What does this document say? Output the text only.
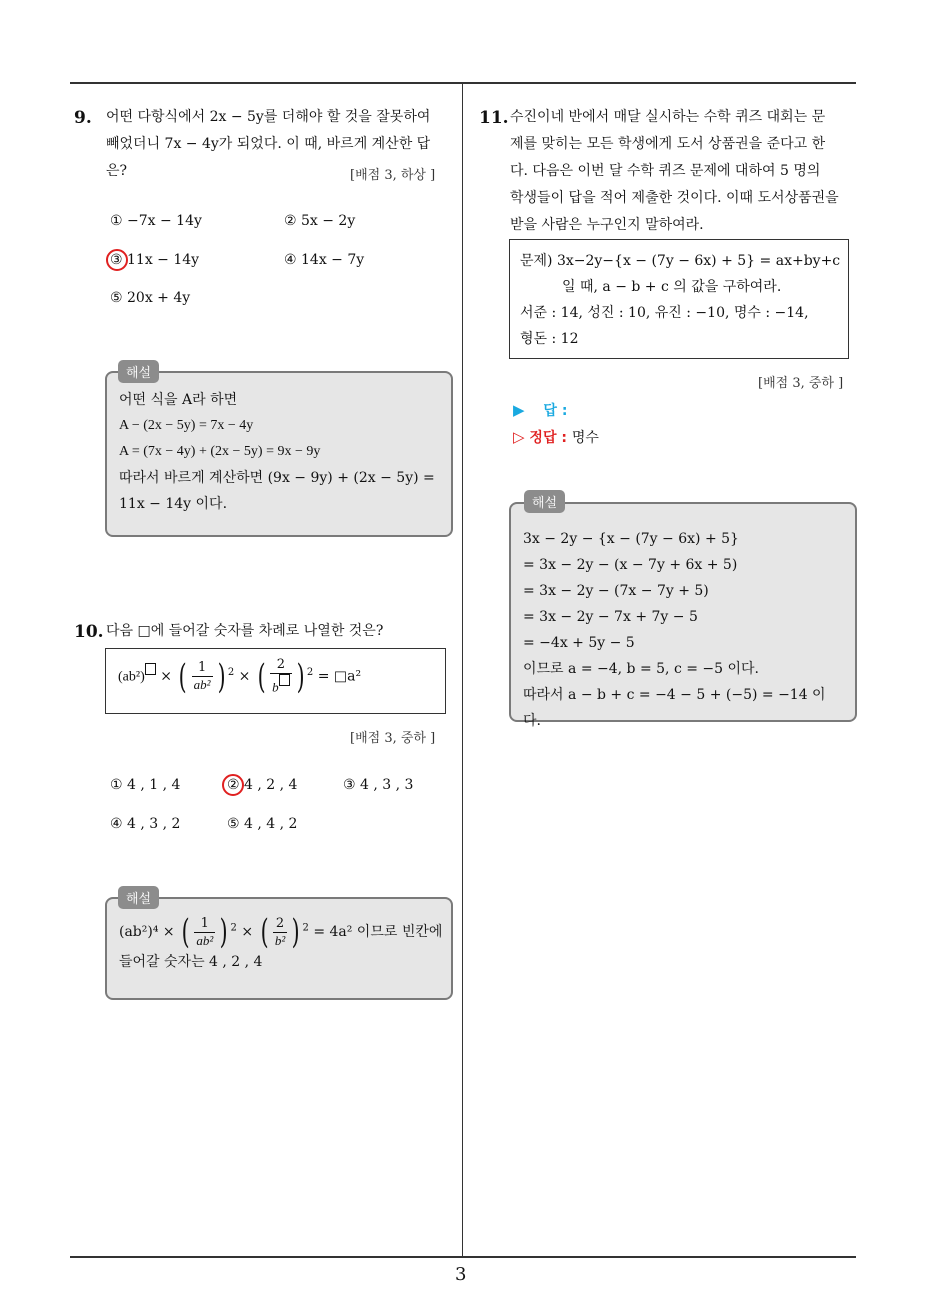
3
9. 어떤 다항식에서 2x − 5y를 더해야 할 것을 잘못하여
빼었더니 7x − 4y가 되었다. 이 때, 바르게 계산한 답
은?	[배점 3, 하상 ]
① −7x − 14y	② 5x − 2y
③ 11x − 14y	④ 14x − 7y
⑤ 20x + 4y
어떤 식을 A라 하면
A − (2x − 5y) = 7x − 4y
A = (7x − 4y) + (2x − 5y) = 9x − 9y
따라서 바르게 계산하면 (9x − 9y) + (2x − 5y) =
11x − 14y 이다.
해설
10. 다음 □에 들어갈 숫자를 차례로 나열한 것은?
(ab²) × ( $\frac{1}{\text{ab²}}$ ) $^2$ × ( $\frac{2}{b}$ ) $^2$ = □a²
[배점 3, 중하 ]
① 4 , 1 , 4	② 4 , 2 , 4	③ 4 , 3 , 3
④ 4 , 3 , 2	⑤ 4 , 4 , 2
(ab²)⁴ × ( $\frac{1}{\text{ab²}}$ ) $^2$ × ( $\frac{2}{\text{b²}}$ ) $^2$ = 4a² 이므로 빈칸에
들어갈 숫자는 4 , 2 , 4
해설
11. 수진이네 반에서 매달 실시하는 수학 퀴즈 대회는 문
제를 맞히는 모든 학생에게 도서 상품권을 준다고 한
다. 다음은 이번 달 수학 퀴즈 문제에 대하여 5 명의
학생들이 답을 적어 제출한 것이다. 이때 도서상품권을
받을 사람은 누구인지 말하여라.
문제) 3x−2y−{x − (7y − 6x) + 5} = ax+by+c
일 때, a − b + c 의 값을 구하여라.
서준 : 14, 성진 : 10, 유진 : −10, 명수 : −14,
형돈 : 12
[배점 3, 중하 ]
▶ 답 :
▷ 정답 : 명수
3x − 2y − {x − (7y − 6x) + 5}
= 3x − 2y − (x − 7y + 6x + 5)
= 3x − 2y − (7x − 7y + 5)
= 3x − 2y − 7x + 7y − 5
= −4x + 5y − 5
이므로 a = −4, b = 5, c = −5 이다.
따라서 a − b + c = −4 − 5 + (−5) = −14 이다.
해설
